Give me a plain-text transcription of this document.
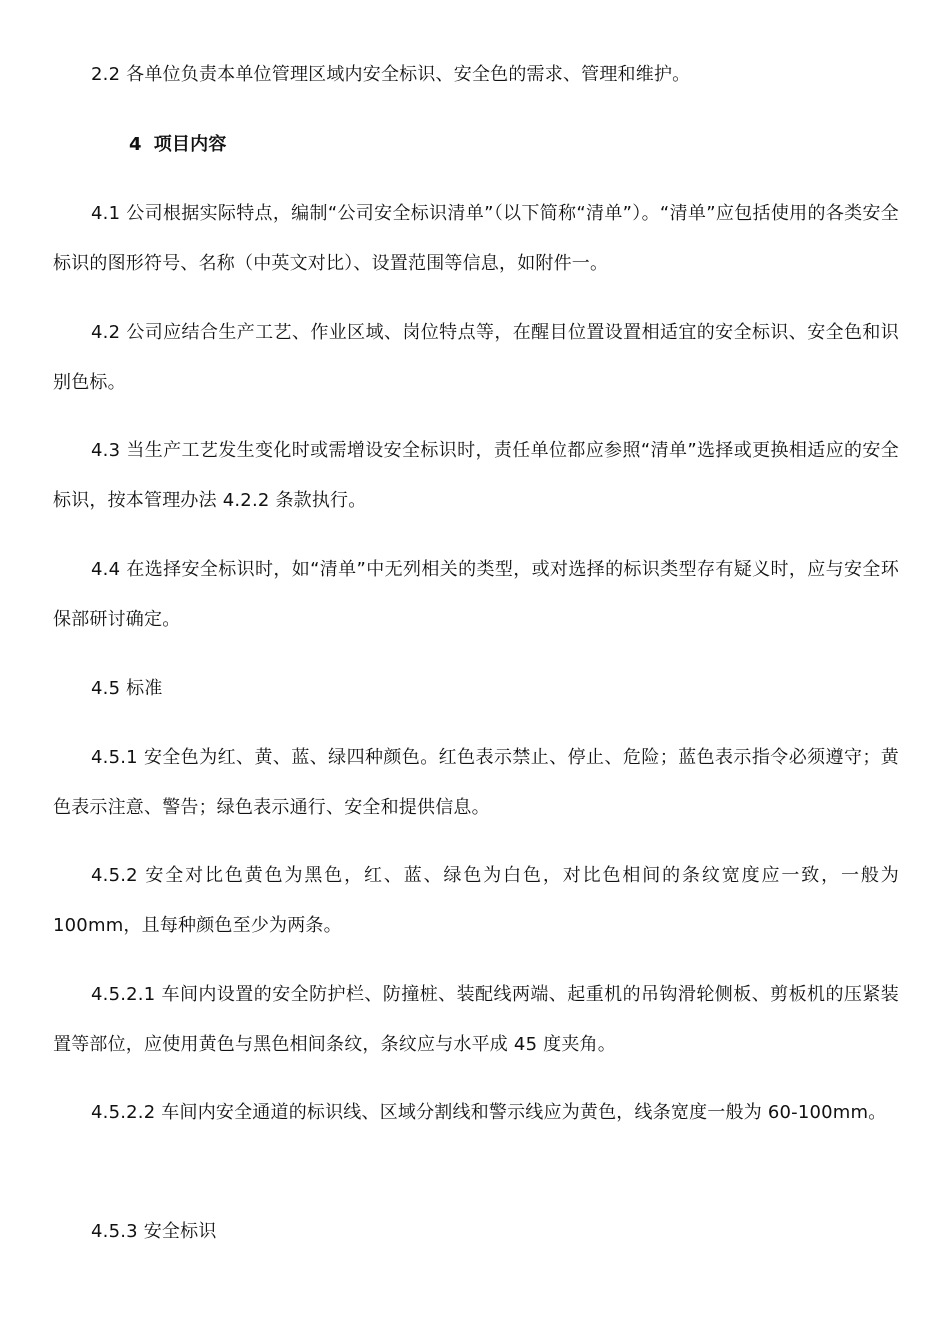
2.2 各单位负责本单位管理区域内安全标识、安全色的需求、管理和维护。

4 项目内容

4.1 公司根据实际特点，编制“公司安全标识清单”（以下简称“清单”）。“清单”应包括使用的各类安全标识的图形符号、名称（中英文对比）、设置范围等信息，如附件一。

4.2 公司应结合生产工艺、作业区域、岗位特点等，在醒目位置设置相适宜的安全标识、安全色和识别色标。

4.3 当生产工艺发生变化时或需增设安全标识时，责任单位都应参照“清单”选择或更换相适应的安全标识，按本管理办法 4.2.2 条款执行。

4.4 在选择安全标识时，如“清单”中无列相关的类型，或对选择的标识类型存有疑义时，应与安全环保部研讨确定。

4.5 标准

4.5.1 安全色为红、黄、蓝、绿四种颜色。红色表示禁止、停止、危险；蓝色表示指令必须遵守；黄色表示注意、警告；绿色表示通行、安全和提供信息。

4.5.2 安全对比色黄色为黑色，红、蓝、绿色为白色，对比色相间的条纹宽度应一致，一般为100mm，且每种颜色至少为两条。

4.5.2.1 车间内设置的安全防护栏、防撞桩、装配线两端、起重机的吊钩滑轮侧板、剪板机的压紧装置等部位，应使用黄色与黑色相间条纹，条纹应与水平成 45 度夹角。

4.5.2.2 车间内安全通道的标识线、区域分割线和警示线应为黄色，线条宽度一般为 60-100mm。

4.5.3 安全标识
